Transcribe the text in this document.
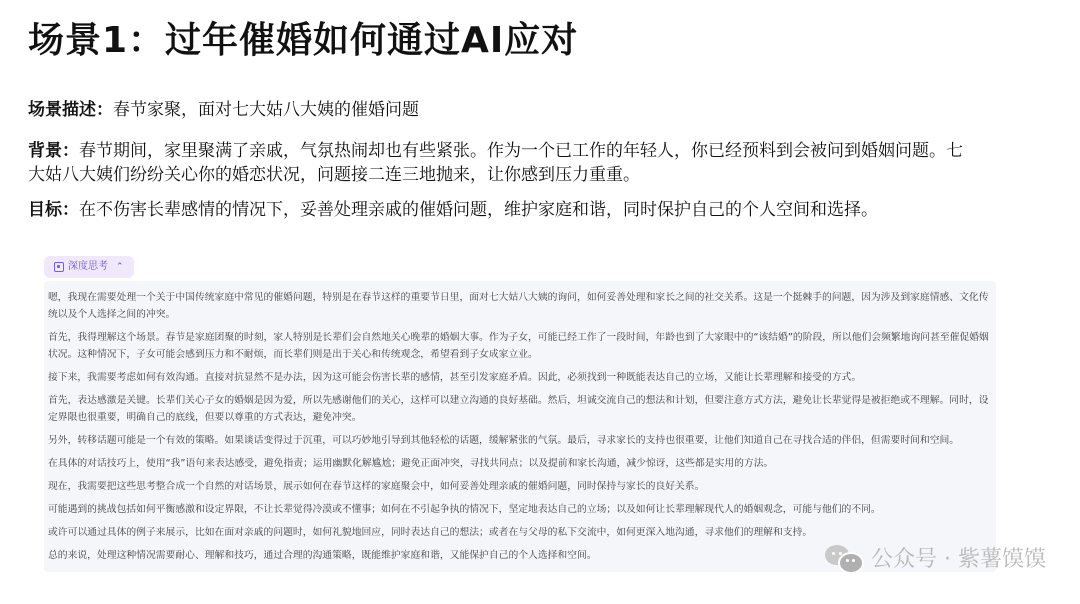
场景1：过年催婚如何通过AI应对
场景描述：春节家聚，面对七大姑八大姨的催婚问题
背景：春节期间，家里聚满了亲戚，气氛热闹却也有些紧张。作为一个已工作的年轻人，你已经预料到会被问到婚姻问题。七大姑八大姨们纷纷关心你的婚恋状况，问题接二连三地抛来，让你感到压力重重。
目标：在不伤害长辈感情的情况下，妥善处理亲戚的催婚问题，维护家庭和谐，同时保护自己的个人空间和选择。
深度思考 ⌃

嗯，我现在需要处理一个关于中国传统家庭中常见的催婚问题，特别是在春节这样的重要节日里，面对七大姑八大姨的询问，如何妥善处理和家长之间的社交关系。这是一个挺棘手的问题，因为涉及到家庭情感、文化传统以及个人选择之间的冲突。

首先，我得理解这个场景。春节是家庭团聚的时刻，家人特别是长辈们会自然地关心晚辈的婚姻大事。作为子女，可能已经工作了一段时间，年龄也到了大家眼中的“该结婚”的阶段，所以他们会频繁地询问甚至催促婚姻状况。这种情况下，子女可能会感到压力和不耐烦，而长辈们则是出于关心和传统观念，希望看到子女成家立业。

接下来，我需要考虑如何有效沟通。直接对抗显然不是办法，因为这可能会伤害长辈的感情，甚至引发家庭矛盾。因此，必须找到一种既能表达自己的立场，又能让长辈理解和接受的方式。

首先，表达感激是关键。长辈们关心子女的婚姻是因为爱，所以先感谢他们的关心，这样可以建立沟通的良好基础。然后，坦诚交流自己的想法和计划，但要注意方式方法，避免让长辈觉得是被拒绝或不理解。同时，设定界限也很重要，明确自己的底线，但要以尊重的方式表达，避免冲突。

另外，转移话题可能是一个有效的策略。如果谈话变得过于沉重，可以巧妙地引导到其他轻松的话题，缓解紧张的气氛。最后，寻求家长的支持也很重要，让他们知道自己在寻找合适的伴侣，但需要时间和空间。

在具体的对话技巧上，使用“我”语句来表达感受，避免指责；运用幽默化解尴尬；避免正面冲突，寻找共同点；以及提前和家长沟通，减少惊讶，这些都是实用的方法。

现在，我需要把这些思考整合成一个自然的对话场景，展示如何在春节这样的家庭聚会中，如何妥善处理亲戚的催婚问题，同时保持与家长的良好关系。

可能遇到的挑战包括如何平衡感激和设定界限，不让长辈觉得冷漠或不懂事；如何在不引起争执的情况下，坚定地表达自己的立场；以及如何让长辈理解现代人的婚姻观念，可能与他们的不同。

或许可以通过具体的例子来展示，比如在面对亲戚的问题时，如何礼貌地回应，同时表达自己的想法；或者在与父母的私下交流中，如何更深入地沟通，寻求他们的理解和支持。

总的来说，处理这种情况需要耐心、理解和技巧，通过合理的沟通策略，既能维护家庭和谐，又能保护自己的个人选择和空间。	公众号 · 紫薯馍馍
